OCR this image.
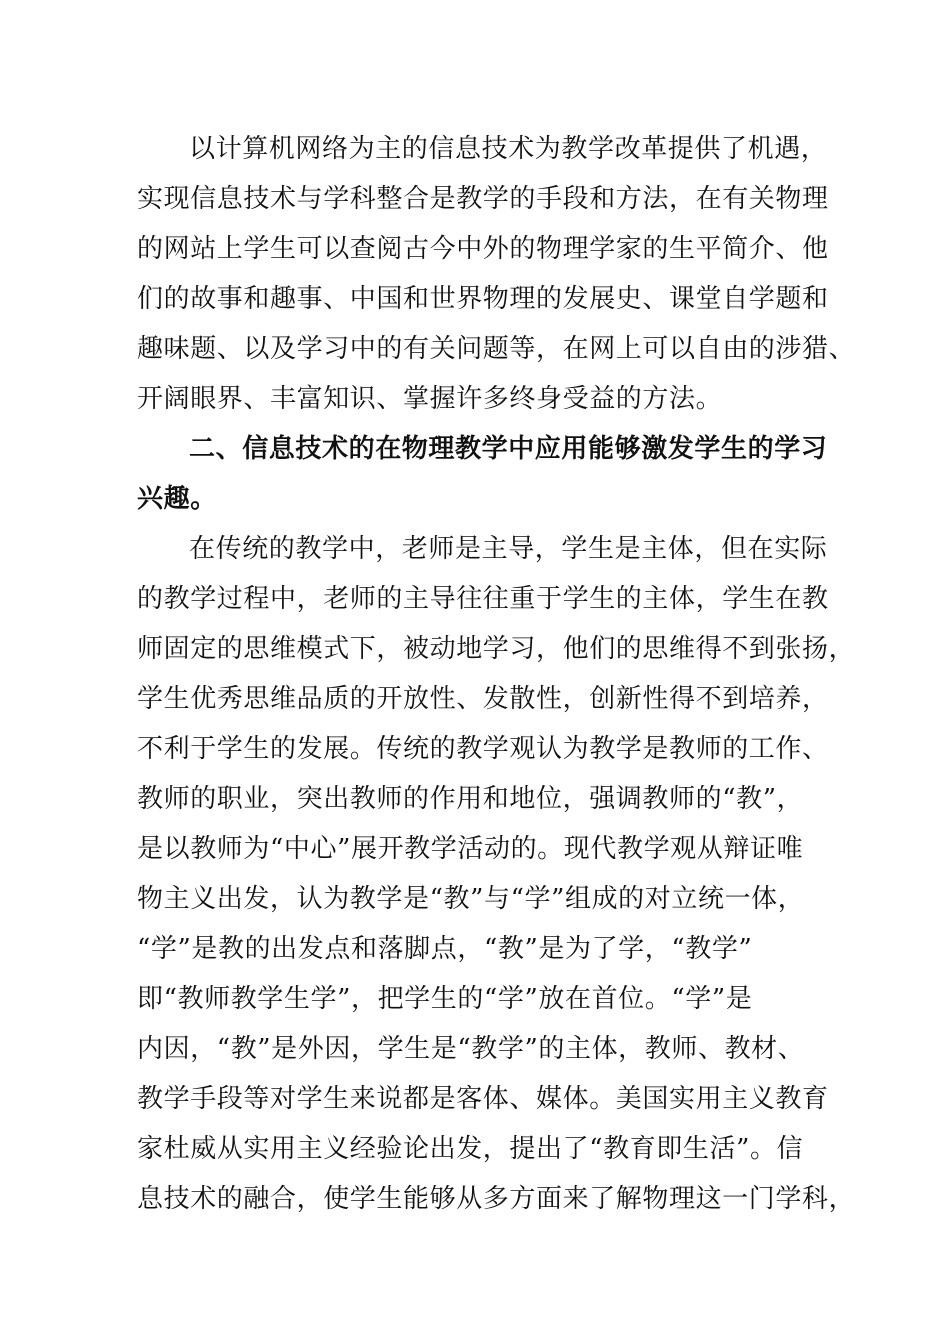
以计算机网络为主的信息技术为教学改革提供了机遇，
实现信息技术与学科整合是教学的手段和方法，在有关物理
的网站上学生可以查阅古今中外的物理学家的生平简介、他
们的故事和趣事、中国和世界物理的发展史、课堂自学题和
趣味题、以及学习中的有关问题等，在网上可以自由的涉猎、
开阔眼界、丰富知识、掌握许多终身受益的方法。
二、信息技术的在物理教学中应用能够激发学生的学习
兴趣。
在传统的教学中，老师是主导，学生是主体，但在实际
的教学过程中，老师的主导往往重于学生的主体，学生在教
师固定的思维模式下，被动地学习，他们的思维得不到张扬，
学生优秀思维品质的开放性、发散性，创新性得不到培养，
不利于学生的发展。传统的教学观认为教学是教师的工作、
教师的职业，突出教师的作用和地位，强调教师的“教”，
是以教师为“中心”展开教学活动的。现代教学观从辩证唯
物主义出发，认为教学是“教”与“学”组成的对立统一体，
“学”是教的出发点和落脚点，“教”是为了学，“教学”
即“教师教学生学”，把学生的“学”放在首位。“学”是
内因，“教”是外因，学生是“教学”的主体，教师、教材、
教学手段等对学生来说都是客体、媒体。美国实用主义教育
家杜威从实用主义经验论出发，提出了“教育即生活”。信
息技术的融合，使学生能够从多方面来了解物理这一门学科，
